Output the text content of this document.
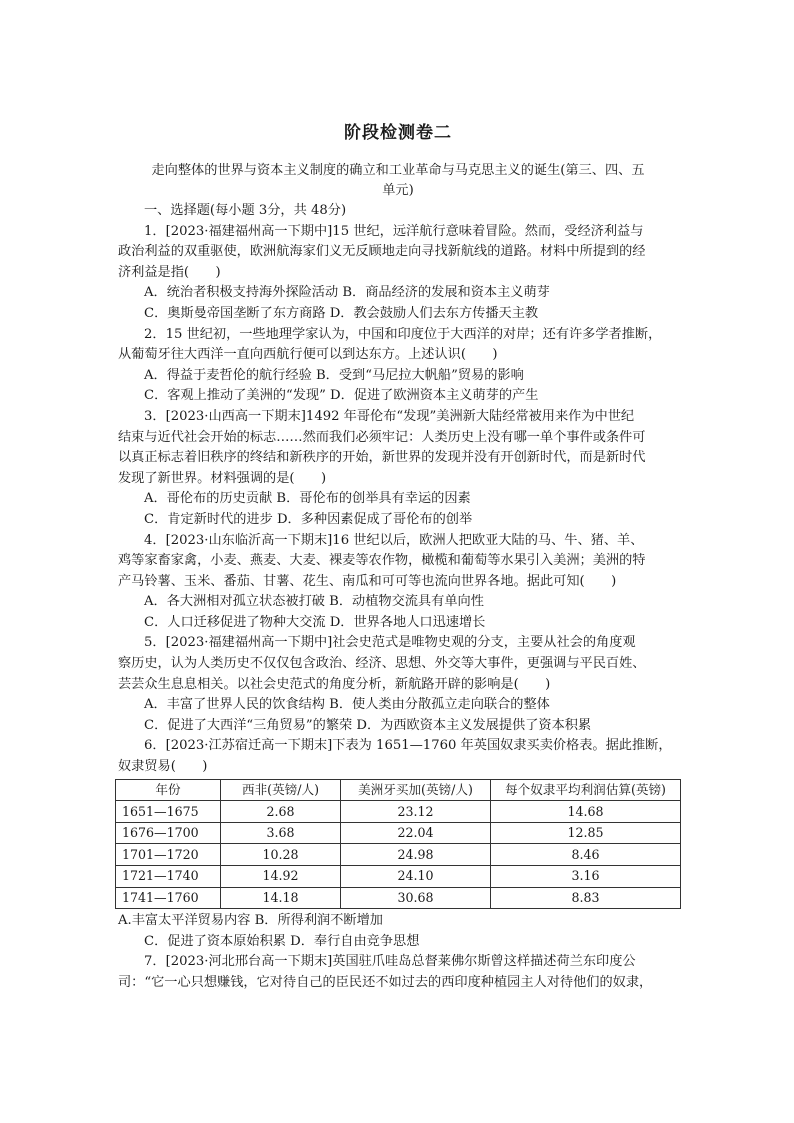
阶段检测卷二

走向整体的世界与资本主义制度的确立和工业革命与马克思主义的诞生(第三、四、五

单元)

一、选择题(每小题 3分，共 48分)

1．[2023·福建福州高一下期中]15 世纪，远洋航行意味着冒险。然而，受经济利益与

政治利益的双重驱使，欧洲航海家们义无反顾地走向寻找新航线的道路。材料中所提到的经

济利益是指(　　)

A．统治者积极支持海外探险活动 B．商品经济的发展和资本主义萌芽

C．奥斯曼帝国垄断了东方商路 D．教会鼓励人们去东方传播天主教

2．15 世纪初，一些地理学家认为，中国和印度位于大西洋的对岸；还有许多学者推断，

从葡萄牙往大西洋一直向西航行便可以到达东方。上述认识(　　)

A．得益于麦哲伦的航行经验 B．受到“马尼拉大帆船”贸易的影响

C．客观上推动了美洲的“发现” D．促进了欧洲资本主义萌芽的产生

3．[2023·山西高一下期末]1492 年哥伦布“发现”美洲新大陆经常被用来作为中世纪

结束与近代社会开始的标志……然而我们必须牢记：人类历史上没有哪一单个事件或条件可

以真正标志着旧秩序的终结和新秩序的开始，新世界的发现并没有开创新时代，而是新时代

发现了新世界。材料强调的是(　　)

A．哥伦布的历史贡献 B．哥伦布的创举具有幸运的因素

C．肯定新时代的进步 D．多种因素促成了哥伦布的创举

4．[2023·山东临沂高一下期末]16 世纪以后，欧洲人把欧亚大陆的马、牛、猪、羊、

鸡等家畜家禽，小麦、燕麦、大麦、裸麦等农作物，橄榄和葡萄等水果引入美洲；美洲的特

产马铃薯、玉米、番茄、甘薯、花生、南瓜和可可等也流向世界各地。据此可知(　　)

A．各大洲相对孤立状态被打破 B．动植物交流具有单向性

C．人口迁移促进了物种大交流 D．世界各地人口迅速增长

5．[2023·福建福州高一下期中]社会史范式是唯物史观的分支，主要从社会的角度观

察历史，认为人类历史不仅仅包含政治、经济、思想、外交等大事件，更强调与平民百姓、

芸芸众生息息相关。以社会史范式的角度分析，新航路开辟的影响是(　　)

A．丰富了世界人民的饮食结构 B．使人类由分散孤立走向联合的整体

C．促进了大西洋“三角贸易”的繁荣 D．为西欧资本主义发展提供了资本积累

6．[2023·江苏宿迁高一下期末]下表为 1651—1760 年英国奴隶买卖价格表。据此推断，

奴隶贸易(　　)

年份	西非(英镑/人)	美洲牙买加(英镑/人)	每个奴隶平均利润估算(英镑)
1651—1675	2.68	23.12	14.68
1676—1700	3.68	22.04	12.85
1701—1720	10.28	24.98	8.46
1721—1740	14.92	24.10	3.16
1741—1760	14.18	30.68	8.83

A.丰富太平洋贸易内容 B．所得利润不断增加

C．促进了资本原始积累 D．奉行自由竞争思想

7．[2023·河北邢台高一下期末]英国驻爪哇岛总督莱佛尔斯曾这样描述荷兰东印度公

司：“它一心只想赚钱，它对待自己的臣民还不如过去的西印度种植园主人对待他们的奴隶，
